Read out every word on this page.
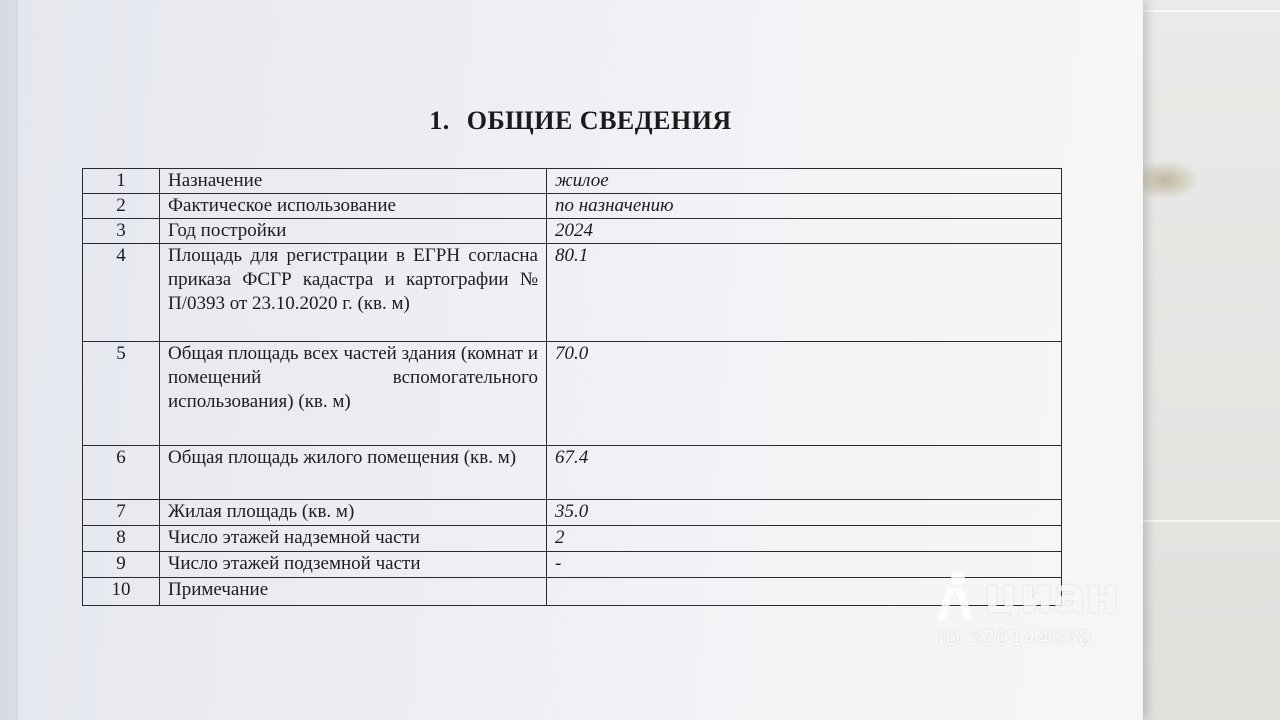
1. ОБЩИЕ СВЕДЕНИЯ
1	Назначение	жилое
2	Фактическое использование	по назначению
3	Год постройки	2024
4	Площадь для регистрации в ЕГРН согласна приказа ФСГР кадастра и картографии № П/0393 от 23.10.2020 г. (кв. м)	80.1
5	Общая площадь всех частей здания (комнат и помещений вспомогательного использования) (кв. м)	70.0
6	Общая площадь жилого помещения (кв. м)	67.4
7	Жилая площадь (кв. м)	35.0
8	Число этажей надземной части	2
9	Число этажей подземной части	-
10	Примечание		циан
ID 320144868
